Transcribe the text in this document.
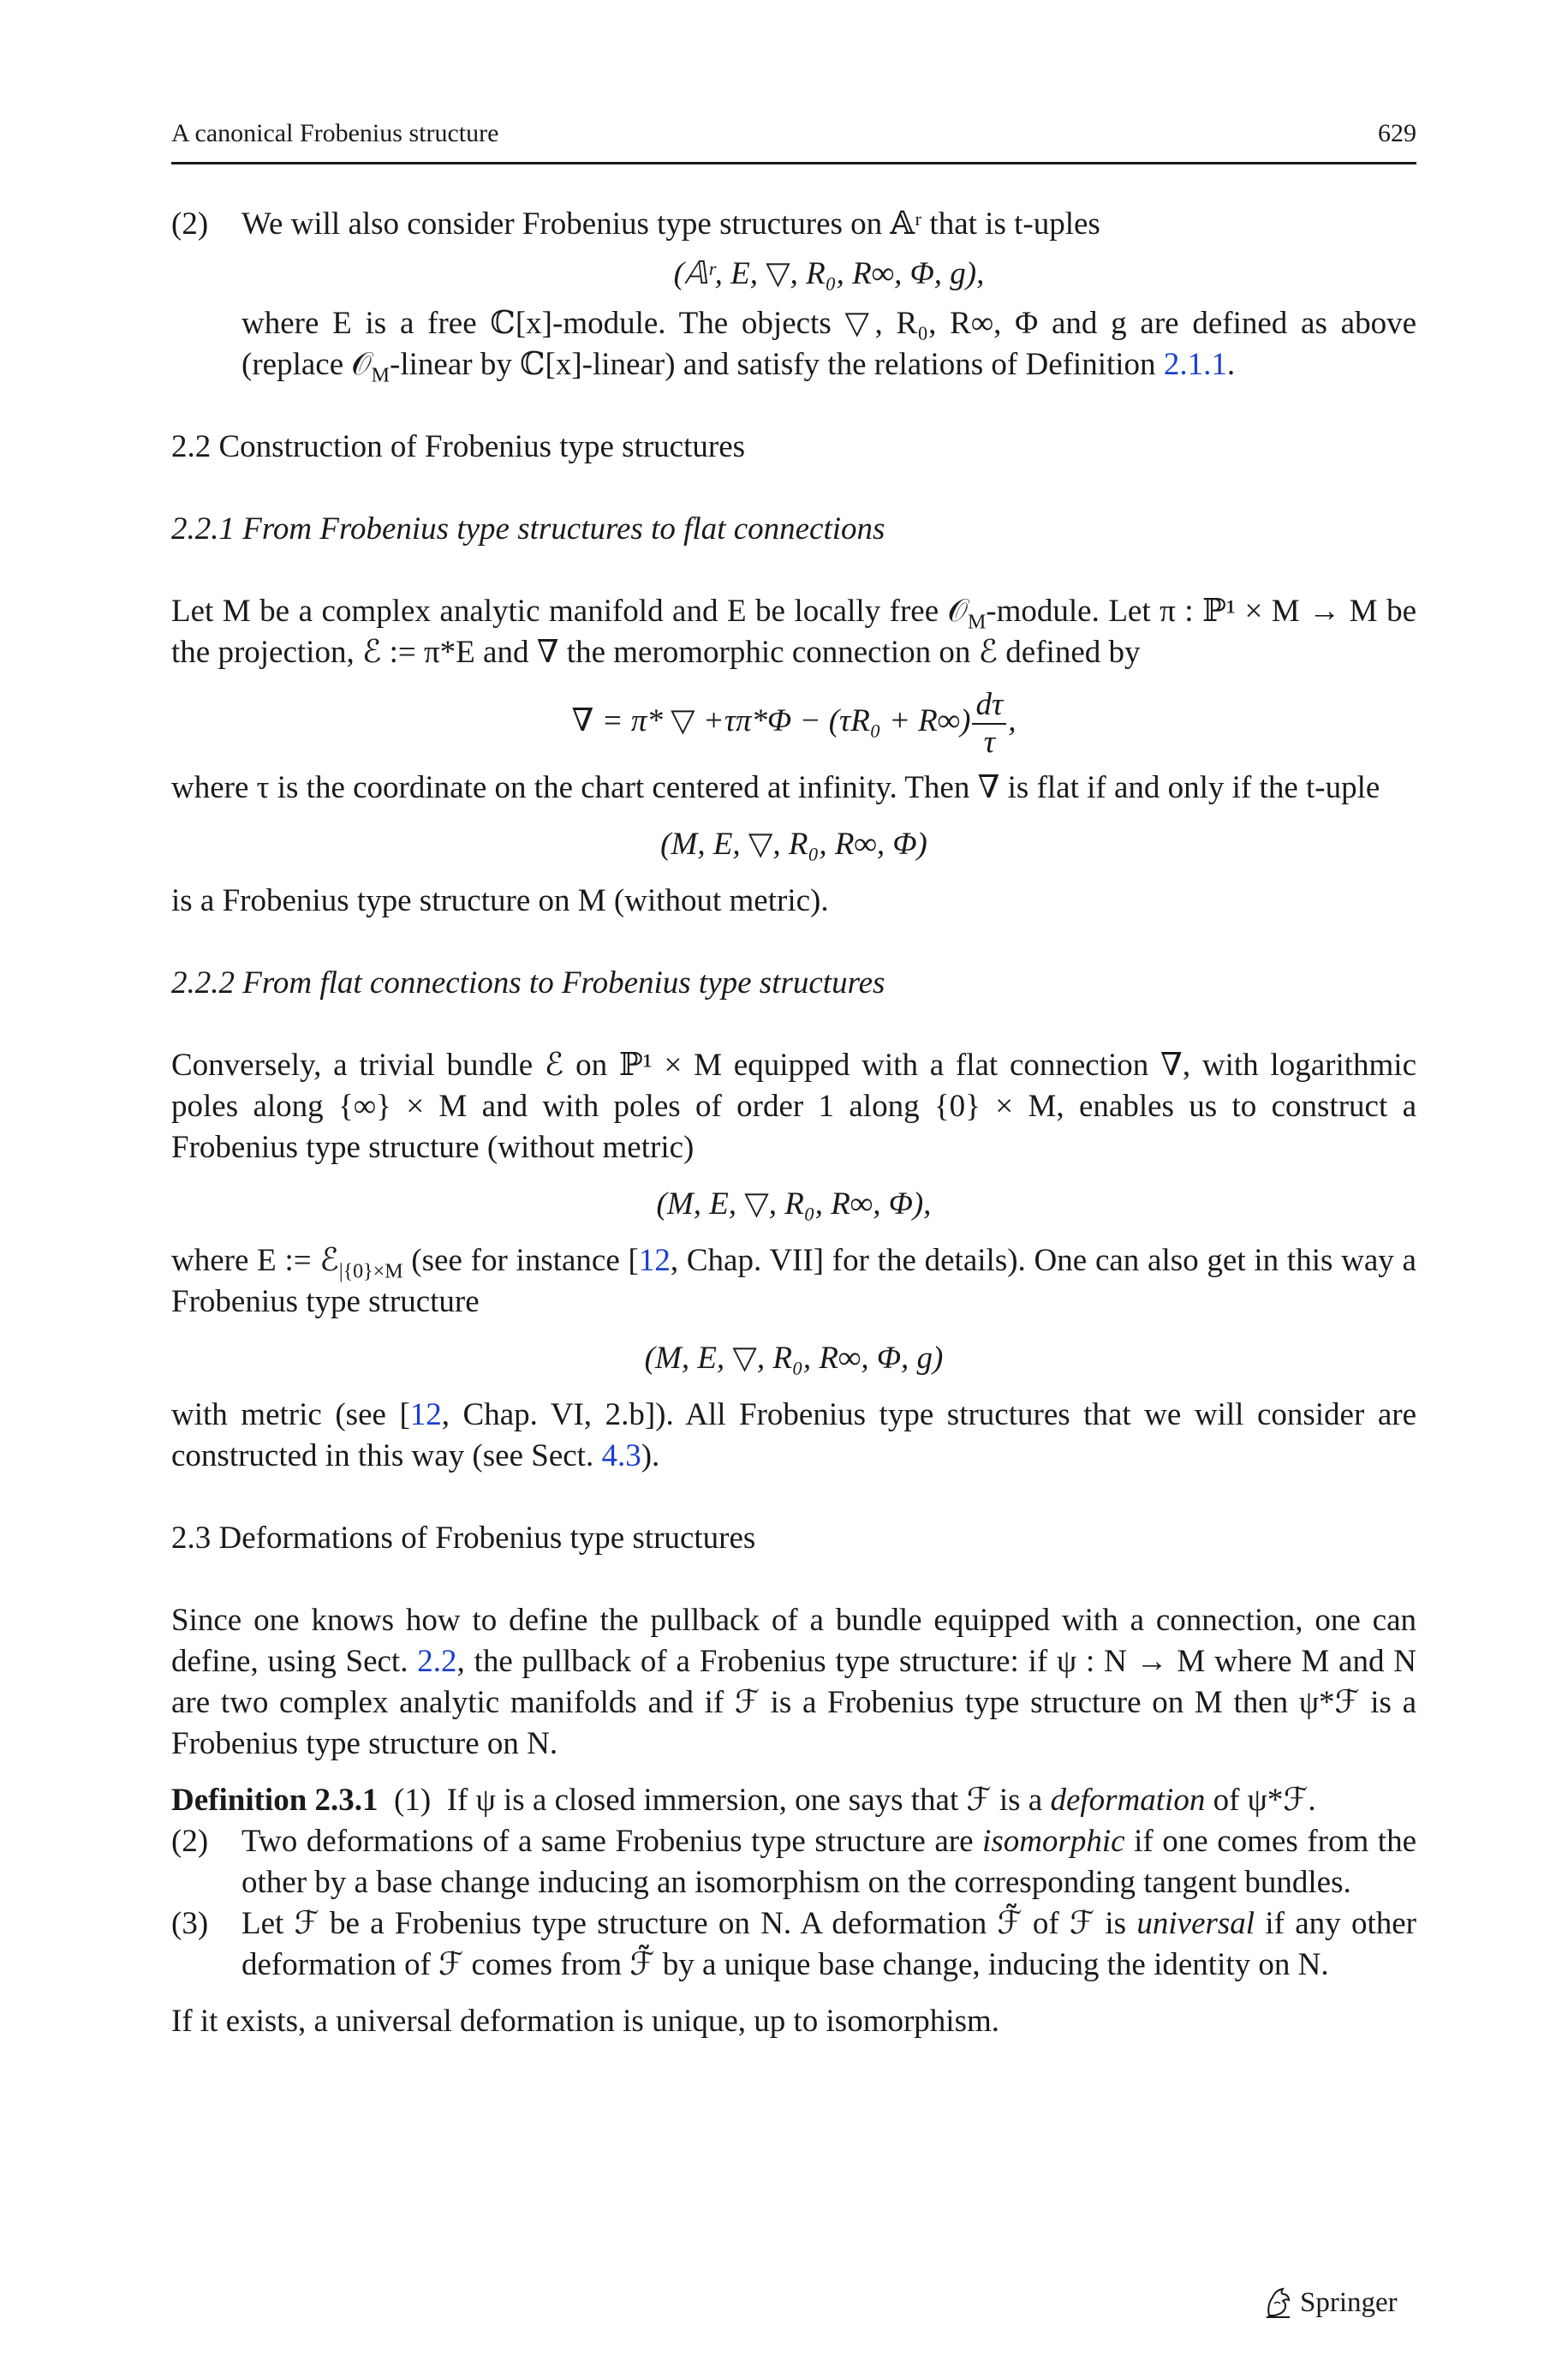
A canonical Frobenius structure	629
(2) We will also consider Frobenius type structures on 𝔸ʳ that is t-uples

(𝔸ʳ, E, ▽, R₀, R∞, Φ, g),

where E is a free ℂ[x]-module. The objects ▽, R₀, R∞, Φ and g are defined as above (replace 𝒪$_M$-linear by ℂ[x]-linear) and satisfy the relations of Definition 2.1.1.

2.2 Construction of Frobenius type structures
2.2.1 From Frobenius type structures to flat connections

Let M be a complex analytic manifold and E be locally free 𝒪$_M$-module. Let π : ℙ¹ × M → M be the projection, ℰ := π*E and ∇ the meromorphic connection on ℰ defined by

∇ = π* ▽ $+\tau\pi*\Phi - (\tau R_0 + R\infty) \frac{d\tau}{\tau}$ ,

where τ is the coordinate on the chart centered at infinity. Then ∇ is flat if and only if the t-uple

(M, E, ▽, R₀, R∞, Φ)

is a Frobenius type structure on M (without metric).

2.2.2 From flat connections to Frobenius type structures

Conversely, a trivial bundle ℰ on ℙ¹ × M equipped with a flat connection ∇, with logarithmic poles along {∞} × M and with poles of order 1 along {0} × M, enables us to construct a Frobenius type structure (without metric)

(M, E, ▽, R₀, R∞, Φ),

where E := ℰ$_{|\{0\}\times M}$ (see for instance [12, Chap. VII] for the details). One can also get in this way a Frobenius type structure

(M, E, ▽, R₀, R∞, Φ, g)

with metric (see [12, Chap. VI, 2.b]). All Frobenius type structures that we will consider are constructed in this way (see Sect. 4.3).

2.3 Deformations of Frobenius type structures

Since one knows how to define the pullback of a bundle equipped with a connection, one can define, using Sect. 2.2, the pullback of a Frobenius type structure: if ψ : N → M where M and N are two complex analytic manifolds and if ℱ is a Frobenius type structure on M then ψ*ℱ is a Frobenius type structure on N.

Definition 2.3.1 (1) If ψ is a closed immersion, one says that ℱ is a deformation of ψ*ℱ.

(2) Two deformations of a same Frobenius type structure are isomorphic if one comes from the other by a base change inducing an isomorphism on the corresponding tangent bundles.

(3) Let ℱ be a Frobenius type structure on N. A deformation ℱ̃ of ℱ is universal if any other deformation of ℱ comes from ℱ̃ by a unique base change, inducing the identity on N.

If it exists, a universal deformation is unique, up to isomorphism.

Springer
